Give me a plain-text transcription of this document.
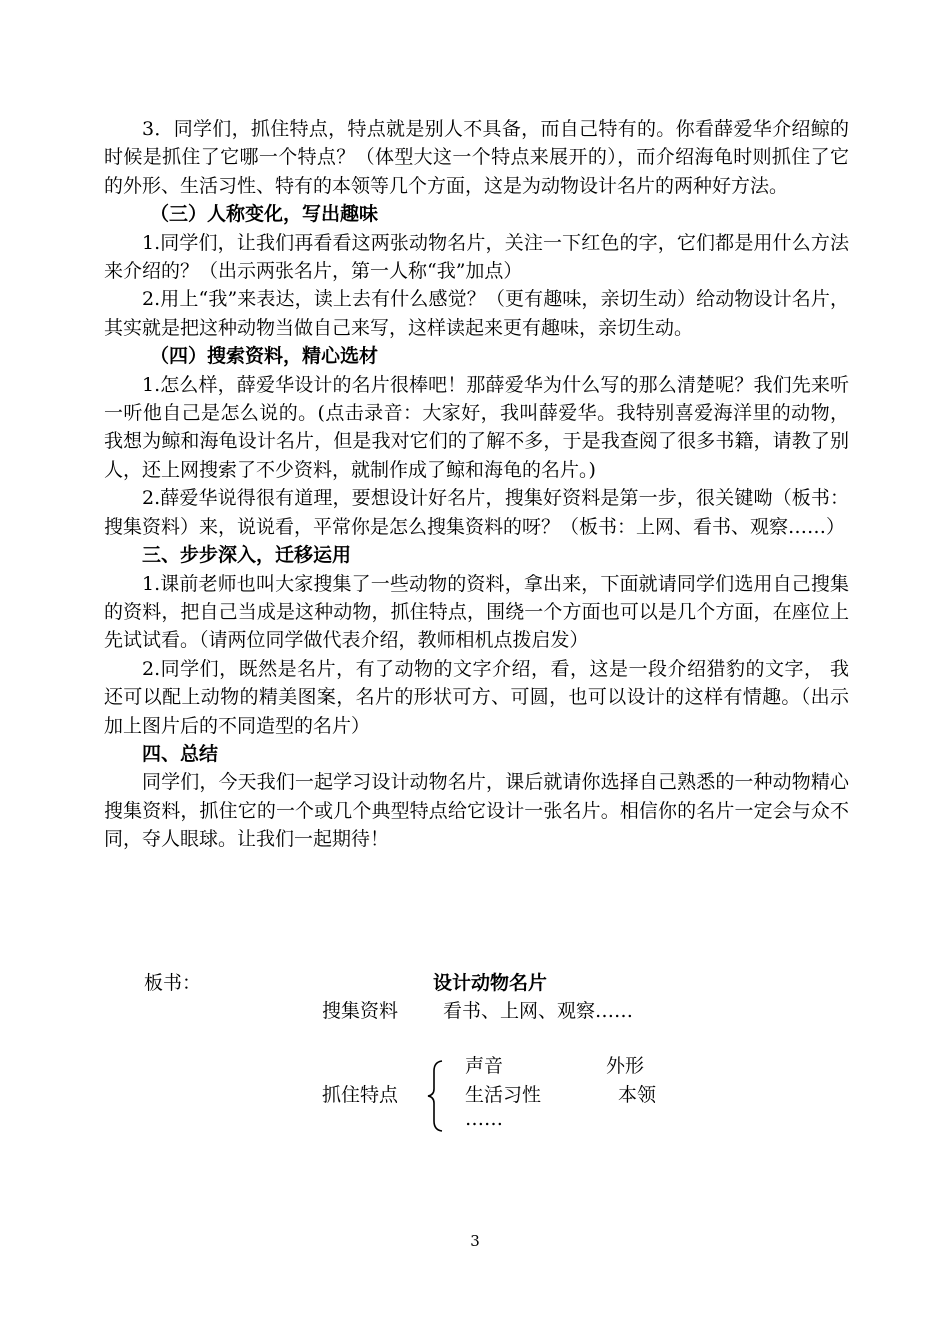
3．同学们，抓住特点，特点就是别人不具备，而自己特有的。你看薛爱华介绍鲸的时候是抓住了它哪一个特点？（体型大这一个特点来展开的），而介绍海龟时则抓住了它的外形、生活习性、特有的本领等几个方面，这是为动物设计名片的两种好方法。

（三）人称变化，写出趣味

1.同学们，让我们再看看这两张动物名片，关注一下红色的字，它们都是用什么方法来介绍的？（出示两张名片，第一人称“我”加点）

2.用上“我”来表达，读上去有什么感觉？（更有趣味，亲切生动）给动物设计名片，其实就是把这种动物当做自己来写，这样读起来更有趣味，亲切生动。

（四）搜索资料，精心选材

1.怎么样，薛爱华设计的名片很棒吧！那薛爱华为什么写的那么清楚呢？我们先来听一听他自己是怎么说的。(点击录音：大家好，我叫薛爱华。我特别喜爱海洋里的动物，我想为鲸和海龟设计名片，但是我对它们的了解不多，于是我查阅了很多书籍，请教了别人，还上网搜索了不少资料，就制作成了鲸和海龟的名片。)

2.薛爱华说得很有道理，要想设计好名片，搜集好资料是第一步，很关键呦（板书：搜集资料）来，说说看，平常你是怎么搜集资料的呀？（板书：上网、看书、观察……）

三、步步深入，迁移运用

1.课前老师也叫大家搜集了一些动物的资料，拿出来，下面就请同学们选用自己搜集的资料，把自己当成是这种动物，抓住特点，围绕一个方面也可以是几个方面，在座位上先试试看。（请两位同学做代表介绍，教师相机点拨启发）

2.同学们，既然是名片，有了动物的文字介绍，看，这是一段介绍猎豹的文字， 我还可以配上动物的精美图案，名片的形状可方、可圆，也可以设计的这样有情趣。（出示加上图片后的不同造型的名片）

四、总结

同学们，今天我们一起学习设计动物名片，课后就请你选择自己熟悉的一种动物精心搜集资料，抓住它的一个或几个典型特点给它设计一张名片。相信你的名片一定会与众不同，夺人眼球。让我们一起期待！

板书：	设计动物名片
搜集资料 看书、上网、观察……
声音	外形
抓住特点	生活习性	本领
……
3
